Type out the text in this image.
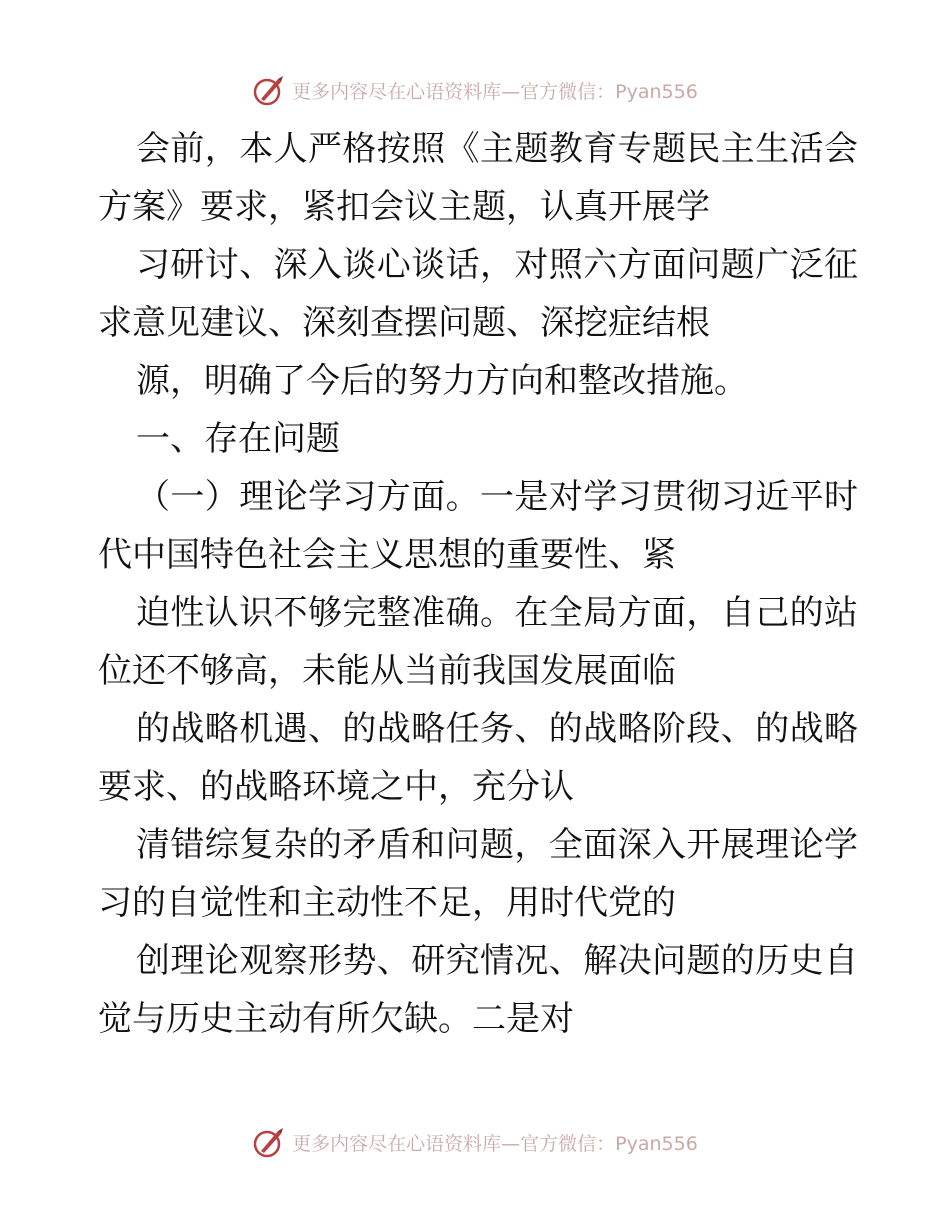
更多内容尽在心语资料库—官方微信：Pyan556
会前，本人严格按照《主题教育专题民主生活会
方案》要求，紧扣会议主题，认真开展学
习研讨、深入谈心谈话，对照六方面问题广泛征
求意见建议、深刻查摆问题、深挖症结根
源，明确了今后的努力方向和整改措施。
一、存在问题
（一）理论学习方面。一是对学习贯彻习近平时
代中国特色社会主义思想的重要性、紧
迫性认识不够完整准确。在全局方面，自己的站
位还不够高，未能从当前我国发展面临
的战略机遇、的战略任务、的战略阶段、的战略
要求、的战略环境之中，充分认
清错综复杂的矛盾和问题，全面深入开展理论学
习的自觉性和主动性不足，用时代党的
创理论观察形势、研究情况、解决问题的历史自
觉与历史主动有所欠缺。二是对
更多内容尽在心语资料库—官方微信：Pyan556
